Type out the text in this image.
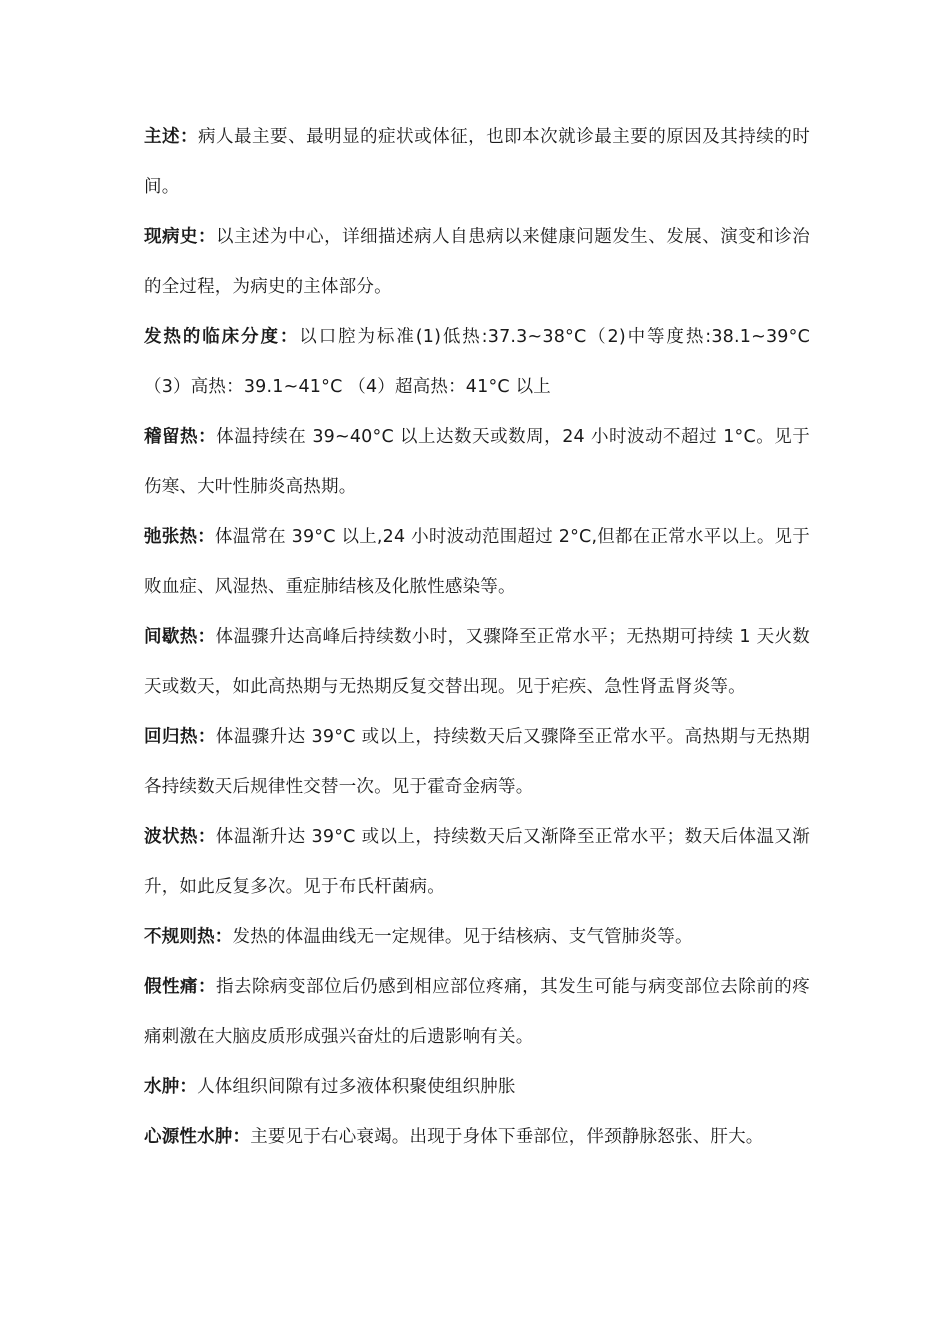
主述：病人最主要、最明显的症状或体征，也即本次就诊最主要的原因及其持续的时间。

现病史：以主述为中心，详细描述病人自患病以来健康问题发生、发展、演变和诊治的全过程，为病史的主体部分。

发热的临床分度：以口腔为标准(1)低热:37.3~38°C（2)中等度热:38.1~39°C （3）高热：39.1~41°C （4）超高热：41°C 以上

稽留热：体温持续在 39~40°C 以上达数天或数周，24 小时波动不超过 1°C。见于伤寒、大叶性肺炎高热期。

弛张热：体温常在 39°C 以上,24 小时波动范围超过 2°C,但都在正常水平以上。见于败血症、风湿热、重症肺结核及化脓性感染等。

间歇热：体温骤升达高峰后持续数小时，又骤降至正常水平；无热期可持续 1 天火数天或数天，如此高热期与无热期反复交替出现。见于疟疾、急性肾盂肾炎等。

回归热：体温骤升达 39°C 或以上，持续数天后又骤降至正常水平。高热期与无热期各持续数天后规律性交替一次。见于霍奇金病等。

波状热：体温渐升达 39°C 或以上，持续数天后又渐降至正常水平；数天后体温又渐升，如此反复多次。见于布氏杆菌病。

不规则热：发热的体温曲线无一定规律。见于结核病、支气管肺炎等。

假性痛：指去除病变部位后仍感到相应部位疼痛，其发生可能与病变部位去除前的疼痛刺激在大脑皮质形成强兴奋灶的后遗影响有关。

水肿：人体组织间隙有过多液体积聚使组织肿胀

心源性水肿：主要见于右心衰竭。出现于身体下垂部位，伴颈静脉怒张、肝大。
